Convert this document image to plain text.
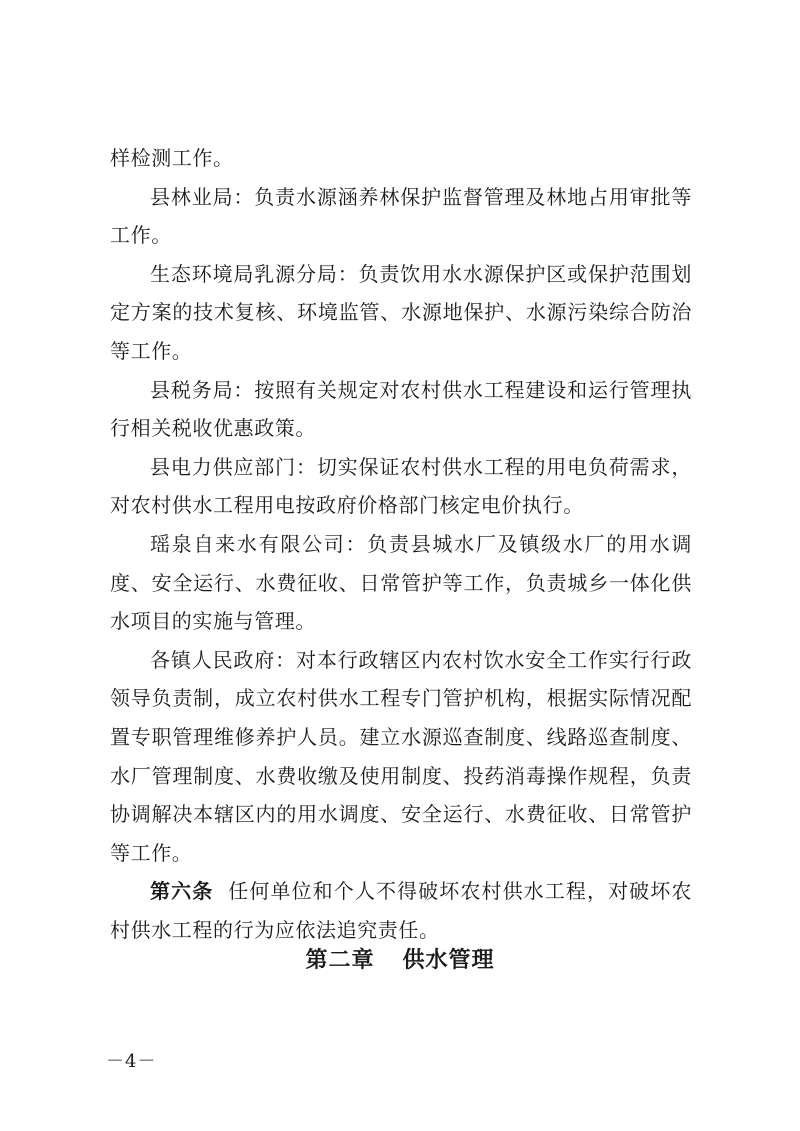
样检测工作。

县林业局：负责水源涵养林保护监督管理及林地占用审批等工作。

生态环境局乳源分局：负责饮用水水源保护区或保护范围划定方案的技术复核、环境监管、水源地保护、水源污染综合防治等工作。

县税务局：按照有关规定对农村供水工程建设和运行管理执行相关税收优惠政策。

县电力供应部门：切实保证农村供水工程的用电负荷需求，对农村供水工程用电按政府价格部门核定电价执行。

瑶泉自来水有限公司：负责县城水厂及镇级水厂的用水调度、安全运行、水费征收、日常管护等工作，负责城乡一体化供水项目的实施与管理。

各镇人民政府：对本行政辖区内农村饮水安全工作实行行政领导负责制，成立农村供水工程专门管护机构，根据实际情况配置专职管理维修养护人员。建立水源巡查制度、线路巡查制度、水厂管理制度、水费收缴及使用制度、投药消毒操作规程，负责协调解决本辖区内的用水调度、安全运行、水费征收、日常管护等工作。

第六条 任何单位和个人不得破坏农村供水工程，对破坏农村供水工程的行为应依法追究责任。

第二章 供水管理
－4－
